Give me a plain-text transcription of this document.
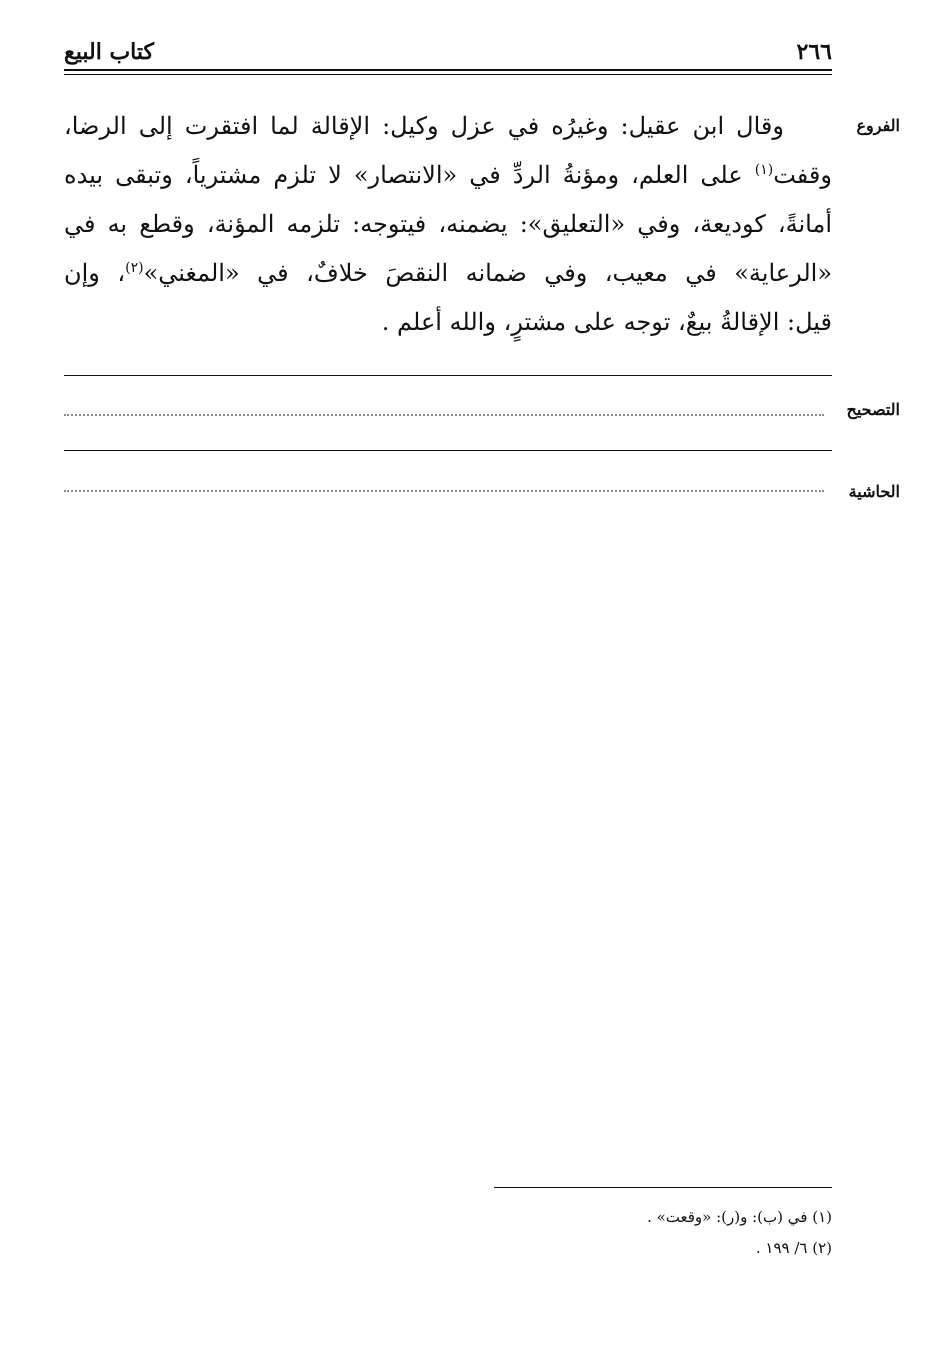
٢٦٦
كتاب البيع
الفروع
التصحيح
الحاشية
وقال ابن عقيل: وغيرُه في عزل وكيل: الإقالة لما افتقرت إلى الرضا،
وقفت$^{(١)}$ على العلم، ومؤنةُ الردِّ في «الانتصار» لا تلزم مشترياً، وتبقى بيده
أمانةً، كوديعة، وفي «التعليق»: يضمنه، فيتوجه: تلزمه المؤنة، وقطع به في
«الرعاية» في معيب، وفي ضمانه النقصَ خلافٌ، في «المغني»$^{(٢)}$، وإن
قيل: الإقالةُ بيعٌ، توجه على مشترٍ، والله أعلم .
(١) في (ب): و(ر): «وقعت» .
(٢) ٦/ ١٩٩ .
